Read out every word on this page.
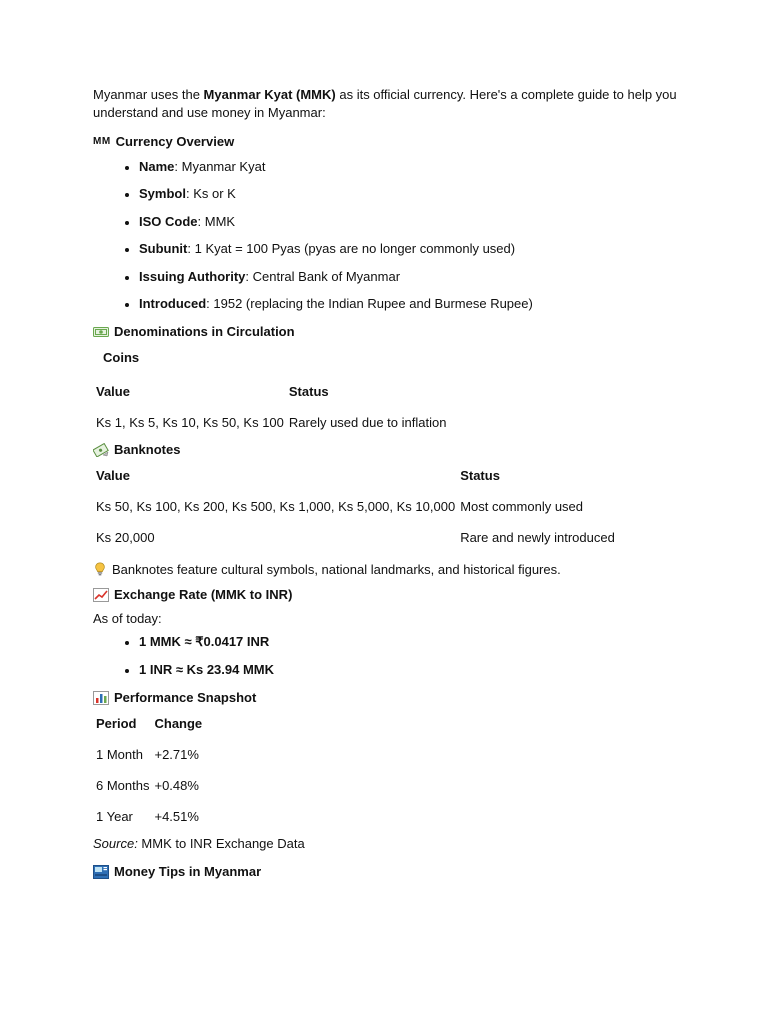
Myanmar uses the Myanmar Kyat (MMK) as its official currency. Here's a complete guide to help you understand and use money in Myanmar:

MM Currency Overview
• Name: Myanmar Kyat
• Symbol: Ks or K
• ISO Code: MMK
• Subunit: 1 Kyat = 100 Pyas (pyas are no longer commonly used)
• Issuing Authority: Central Bank of Myanmar
• Introduced: 1952 (replacing the Indian Rupee and Burmese Rupee)
Denominations in Circulation
Coins
Value	Status
Ks 1, Ks 5, Ks 10, Ks 50, Ks 100	Rarely used due to inflation
Banknotes
Value	Status
Ks 50, Ks 100, Ks 200, Ks 500, Ks 1,000, Ks 5,000, Ks 10,000	Most commonly used
Ks 20,000	Rare and newly introduced
Banknotes feature cultural symbols, national landmarks, and historical figures.
Exchange Rate (MMK to INR)

As of today:

• 1 MMK ≈ ₹0.0417 INR
• 1 INR ≈ Ks 23.94 MMK
Performance Snapshot
Period	Change
1 Month	+2.71%
6 Months	+0.48%
1 Year	+4.51%

Source: MMK to INR Exchange Data

Money Tips in Myanmar
